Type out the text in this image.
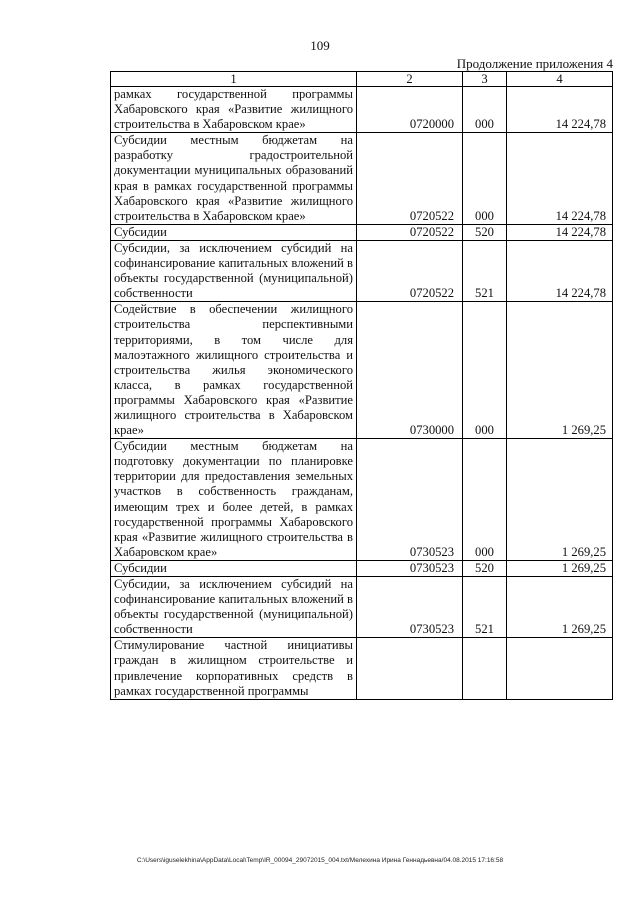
109
Продолжение приложения 4
1	2	3	4
рамках государственной программы Хабаровского края «Развитие жилищного строительства в Хабаровском крае»	0720000	000	14 224,78
Субсидии местным бюджетам на разработку градостроительной документации муниципальных образований края в рамках государственной программы Хабаровского края «Развитие жилищного строительства в Хабаровском крае»	0720522	000	14 224,78
Субсидии	0720522	520	14 224,78
Субсидии, за исключением субсидий на софинансирование капитальных вложений в объекты государственной (муниципальной) собственности	0720522	521	14 224,78
Содействие в обеспечении жилищного строительства перспективными территориями, в том числе для малоэтажного жилищного строительства и строительства жилья экономического класса, в рамках государственной программы Хабаровского края «Развитие жилищного строительства в Хабаровском крае»	0730000	000	1 269,25
Субсидии местным бюджетам на подготовку документации по планировке территории для предоставления земельных участков в собственность гражданам, имеющим трех и более детей, в рамках государственной программы Хабаровского края «Развитие жилищного строительства в Хабаровском крае»	0730523	000	1 269,25
Субсидии	0730523	520	1 269,25
Субсидии, за исключением субсидий на софинансирование капитальных вложений в объекты государственной (муниципальной) собственности	0730523	521	1 269,25
Стимулирование частной инициативы граждан в жилищном строительстве и привлечение корпоративных средств в рамках государственной программы			
C:\Users\iguselekhina\AppData\Local\Temp\IR_00094_29072015_004.txt/Мелехина Ирина Геннадьевна/04.08.2015 17:16:58
